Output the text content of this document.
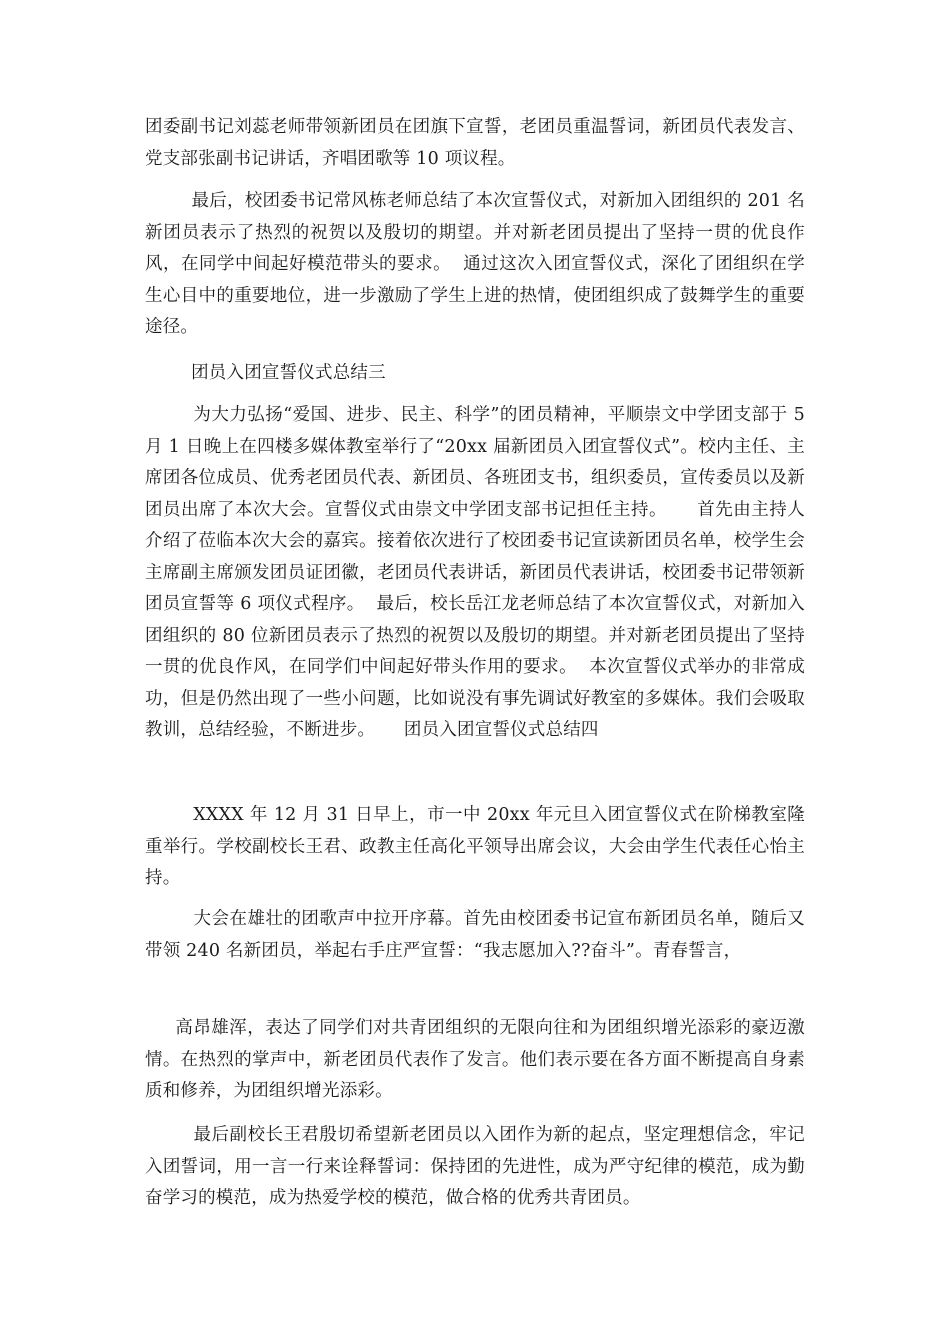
团委副书记刘蕊老师带领新团员在团旗下宣誓，老团员重温誓词，新团员代表发言、党支部张副书记讲话，齐唱团歌等 10 项议程。

最后，校团委书记常风栋老师总结了本次宣誓仪式，对新加入团组织的 201 名新团员表示了热烈的祝贺以及殷切的期望。并对新老团员提出了坚持一贯的优良作风，在同学中间起好模范带头的要求。  通过这次入团宣誓仪式，深化了团组织在学生心目中的重要地位，进一步激励了学生上进的热情，使团组织成了鼓舞学生的重要途径。

团员入团宣誓仪式总结三

为大力弘扬“爱国、进步、民主、科学”的团员精神，平顺崇文中学团支部于 5 月 1 日晚上在四楼多媒体教室举行了“20xx 届新团员入团宣誓仪式”。校内主任、主席团各位成员、优秀老团员代表、新团员、各班团支书，组织委员，宣传委员以及新团员出席了本次大会。宣誓仪式由崇文中学团支部书记担任主持。     首先由主持人介绍了莅临本次大会的嘉宾。接着依次进行了校团委书记宣读新团员名单，校学生会主席副主席颁发团员证团徽，老团员代表讲话，新团员代表讲话，校团委书记带领新团员宣誓等 6 项仪式程序。  最后，校长岳江龙老师总结了本次宣誓仪式，对新加入团组织的 80 位新团员表示了热烈的祝贺以及殷切的期望。并对新老团员提出了坚持一贯的优良作风，在同学们中间起好带头作用的要求。  本次宣誓仪式举办的非常成功，但是仍然出现了一些小问题，比如说没有事先调试好教室的多媒体。我们会吸取教训，总结经验，不断进步。     团员入团宣誓仪式总结四

XXXX 年 12 月 31 日早上，市一中 20xx 年元旦入团宣誓仪式在阶梯教室隆重举行。学校副校长王君、政教主任高化平领导出席会议，大会由学生代表任心怡主持。

大会在雄壮的团歌声中拉开序幕。首先由校团委书记宣布新团员名单，随后又带领 240 名新团员，举起右手庄严宣誓：“我志愿加入??奋斗”。青春誓言，

高昂雄浑，表达了同学们对共青团组织的无限向往和为团组织增光添彩的豪迈激情。在热烈的掌声中，新老团员代表作了发言。他们表示要在各方面不断提高自身素质和修养，为团组织增光添彩。

最后副校长王君殷切希望新老团员以入团作为新的起点，坚定理想信念，牢记入团誓词，用一言一行来诠释誓词：保持团的先进性，成为严守纪律的模范，成为勤奋学习的模范，成为热爱学校的模范，做合格的优秀共青团员。
